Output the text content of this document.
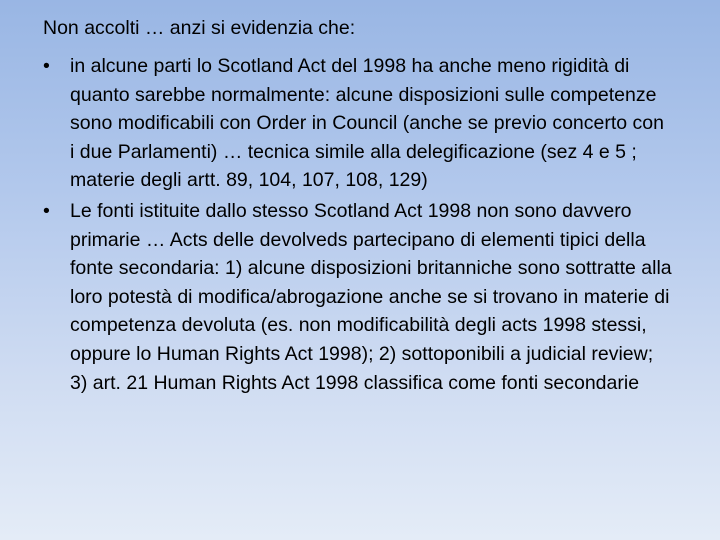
Non accolti … anzi si evidenzia che:
•	in alcune parti lo Scotland Act del 1998 ha anche meno rigidità di quanto sarebbe normalmente: alcune disposizioni sulle competenze sono modificabili con Order in Council (anche se previo concerto con i due Parlamenti) … tecnica simile alla delegificazione (sez 4 e 5 ; materie degli artt. 89, 104, 107, 108, 129)
•	Le fonti istituite dallo stesso Scotland Act 1998 non sono davvero primarie … Acts delle devolveds partecipano di elementi tipici della fonte secondaria: 1) alcune disposizioni britanniche sono sottratte alla loro potestà di modifica/abrogazione anche se si trovano in materie di competenza devoluta (es. non modificabilità degli acts 1998 stessi, oppure lo Human Rights Act 1998); 2) sottoponibili a judicial review; 3) art. 21 Human Rights Act 1998 classifica come fonti secondarie
